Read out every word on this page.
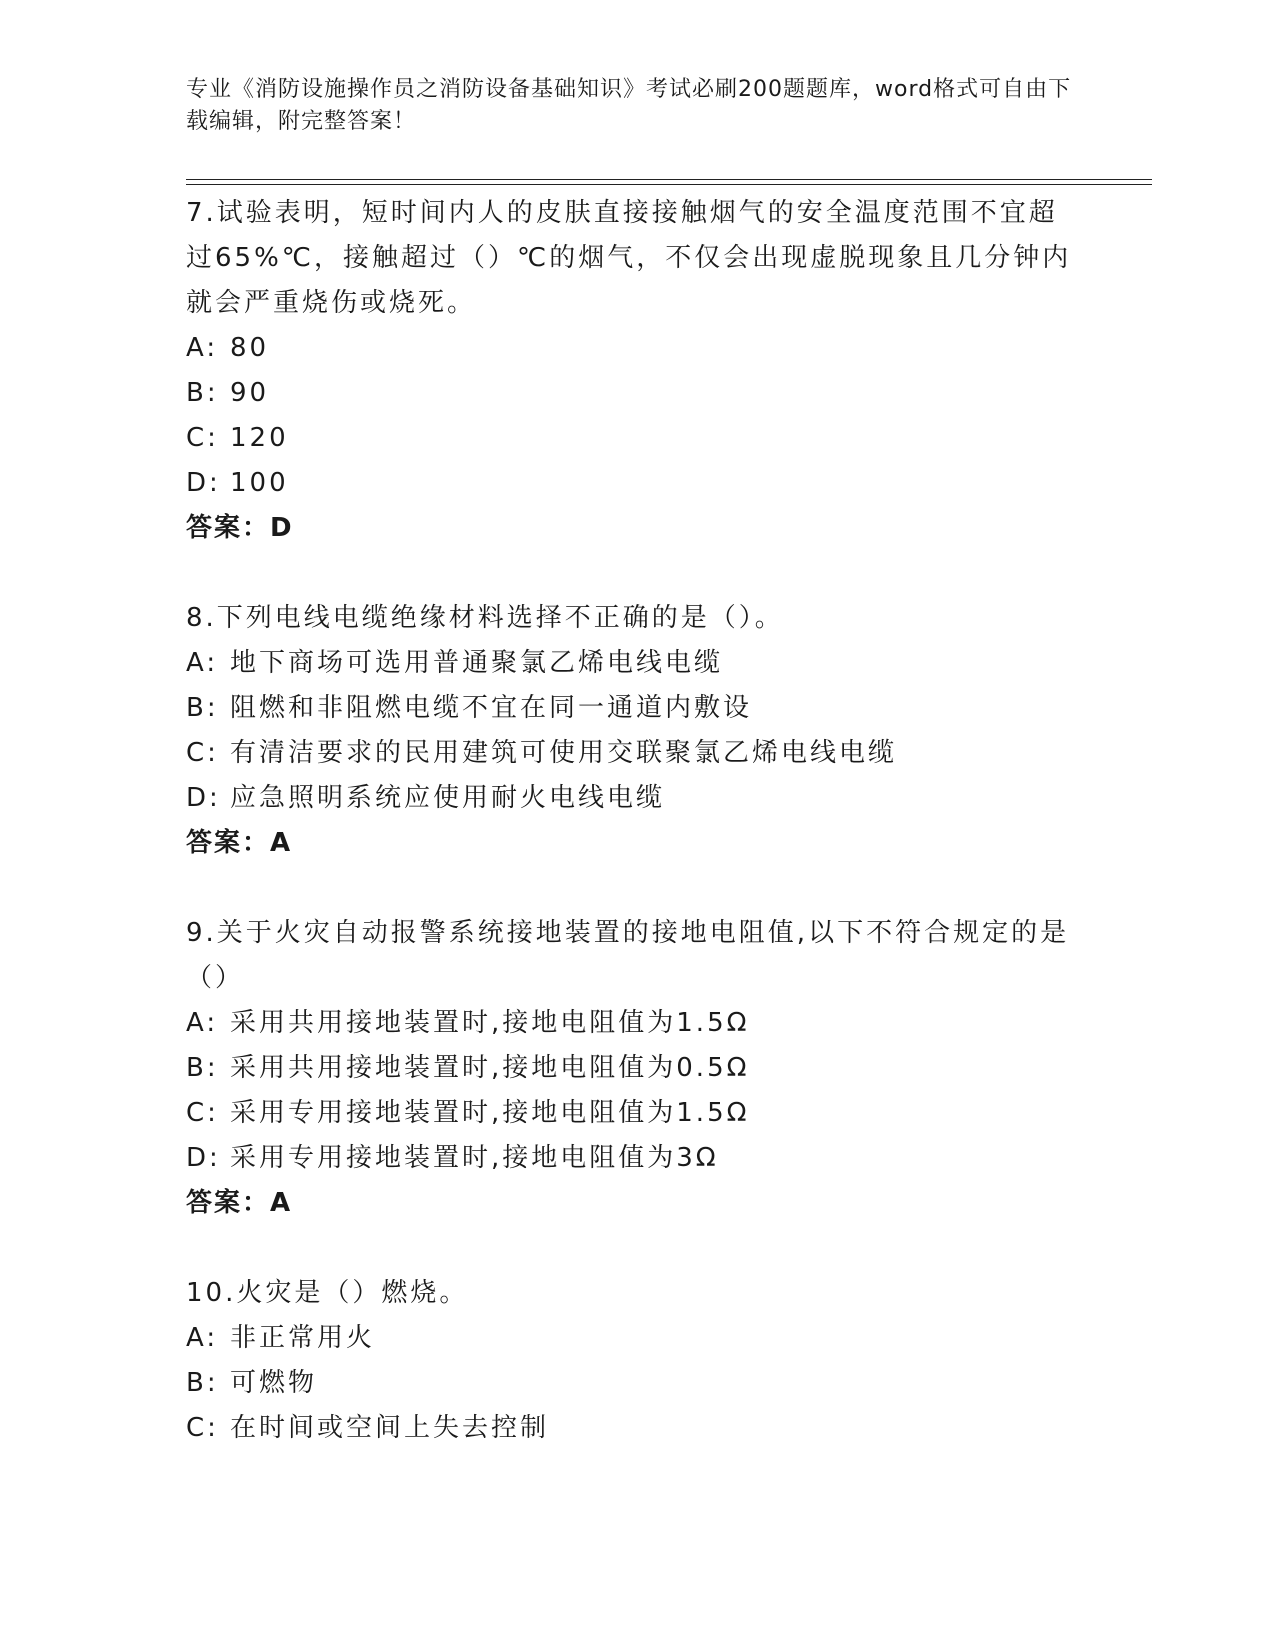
专业《消防设施操作员之消防设备基础知识》考试必刷200题题库，word格式可自由下载编辑，附完整答案！
7.试验表明，短时间内人的皮肤直接接触烟气的安全温度范围不宜超过65%℃，接触超过（）℃的烟气，不仅会出现虚脱现象且几分钟内就会严重烧伤或烧死。
A: 80
B: 90
C: 120
D: 100
答案：D
8.下列电线电缆绝缘材料选择不正确的是（）。
A: 地下商场可选用普通聚氯乙烯电线电缆
B: 阻燃和非阻燃电缆不宜在同一通道内敷设
C: 有清洁要求的民用建筑可使用交联聚氯乙烯电线电缆
D: 应急照明系统应使用耐火电线电缆
答案：A
9.关于火灾自动报警系统接地装置的接地电阻值,以下不符合规定的是（）
A: 采用共用接地装置时,接地电阻值为1.5Ω
B: 采用共用接地装置时,接地电阻值为0.5Ω
C: 采用专用接地装置时,接地电阻值为1.5Ω
D: 采用专用接地装置时,接地电阻值为3Ω
答案：A
10.火灾是（）燃烧。
A: 非正常用火
B: 可燃物
C: 在时间或空间上失去控制
